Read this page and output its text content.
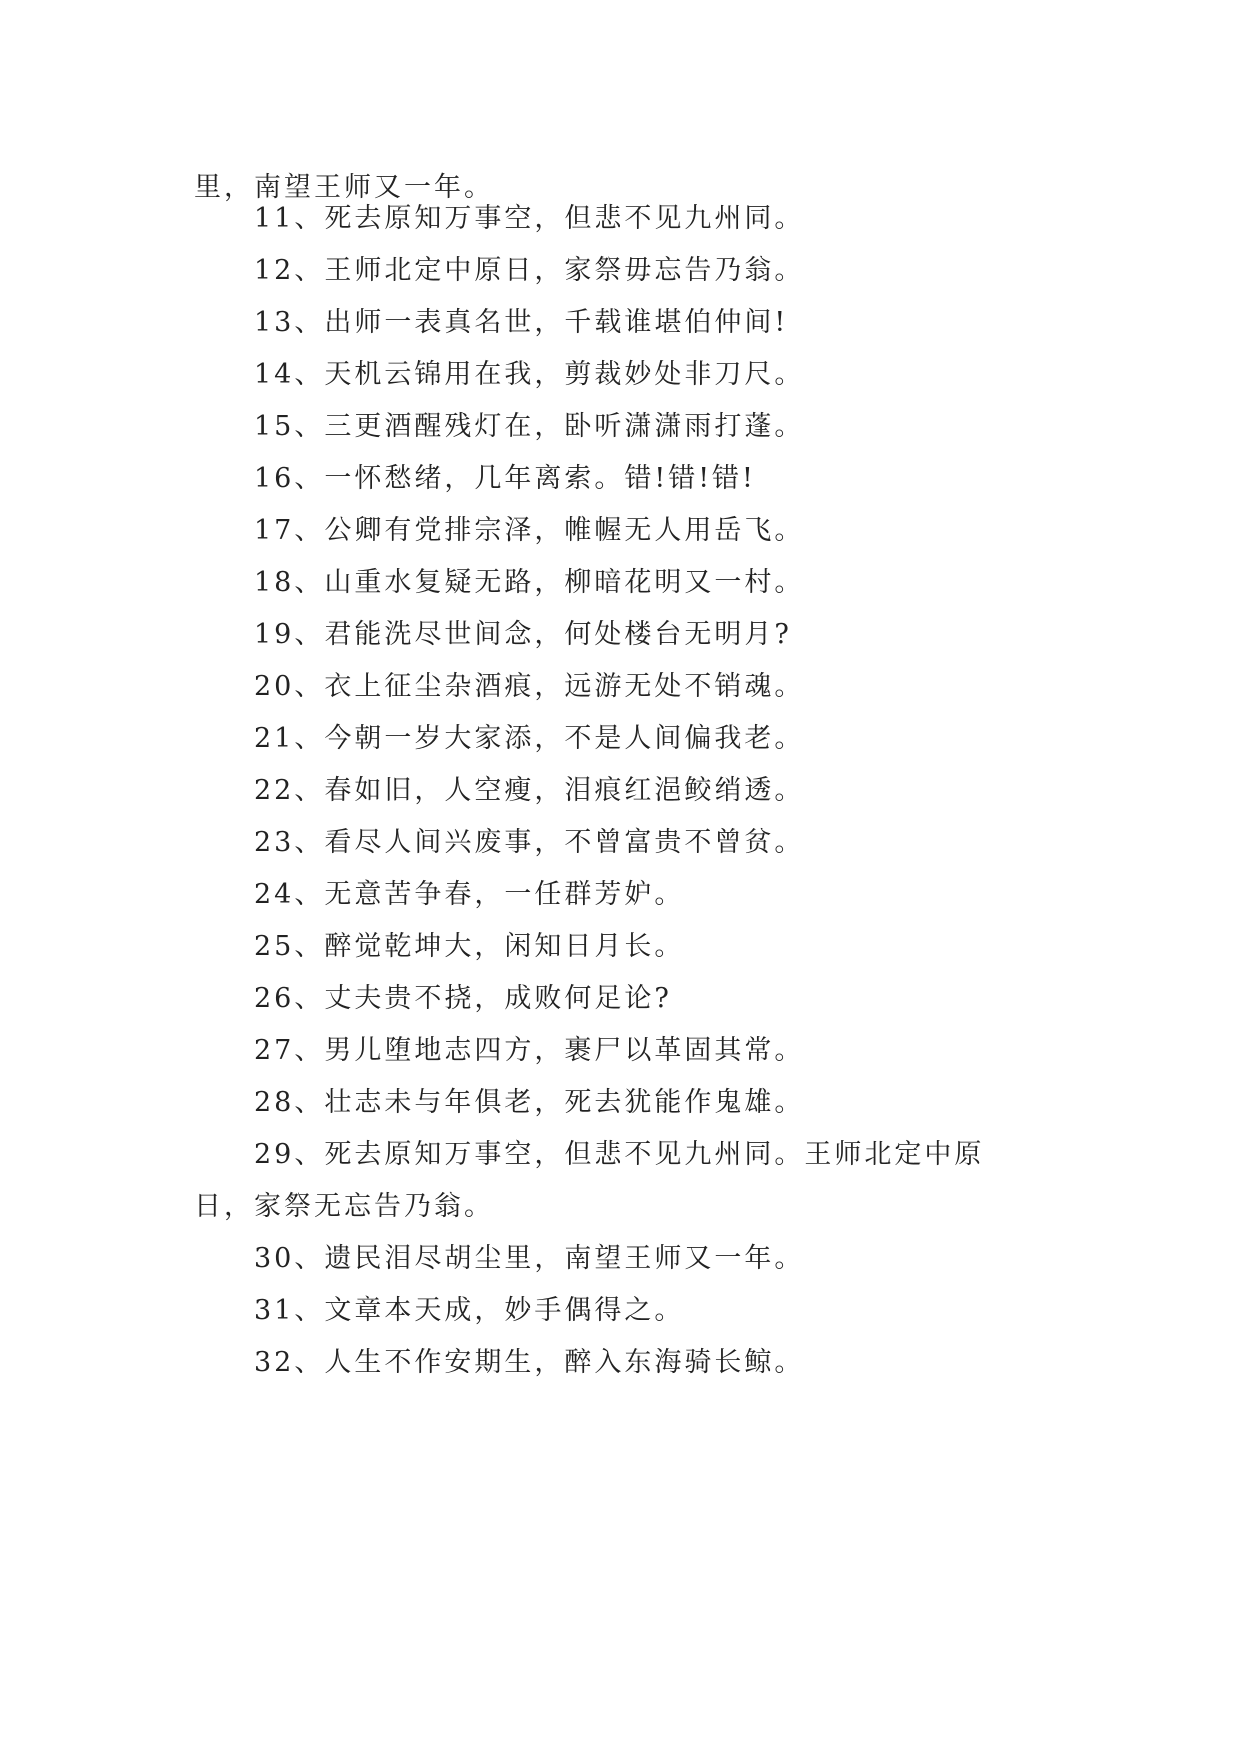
里，南望王师又一年。
11、死去原知万事空，但悲不见九州同。
12、王师北定中原日，家祭毋忘告乃翁。
13、出师一表真名世，千载谁堪伯仲间!
14、天机云锦用在我，剪裁妙处非刀尺。
15、三更酒醒残灯在，卧听潇潇雨打蓬。
16、一怀愁绪，几年离索。错!错!错!
17、公卿有党排宗泽，帷幄无人用岳飞。
18、山重水复疑无路，柳暗花明又一村。
19、君能洗尽世间念，何处楼台无明月?
20、衣上征尘杂酒痕，远游无处不销魂。
21、今朝一岁大家添，不是人间偏我老。
22、春如旧，人空瘦，泪痕红浥鲛绡透。
23、看尽人间兴废事，不曾富贵不曾贫。
24、无意苦争春，一任群芳妒。
25、醉觉乾坤大，闲知日月长。
26、丈夫贵不挠，成败何足论?
27、男儿堕地志四方，裹尸以革固其常。
28、壮志未与年俱老，死去犹能作鬼雄。
29、死去原知万事空，但悲不见九州同。王师北定中原
日，家祭无忘告乃翁。
30、遗民泪尽胡尘里，南望王师又一年。
31、文章本天成，妙手偶得之。
32、人生不作安期生，醉入东海骑长鲸。
